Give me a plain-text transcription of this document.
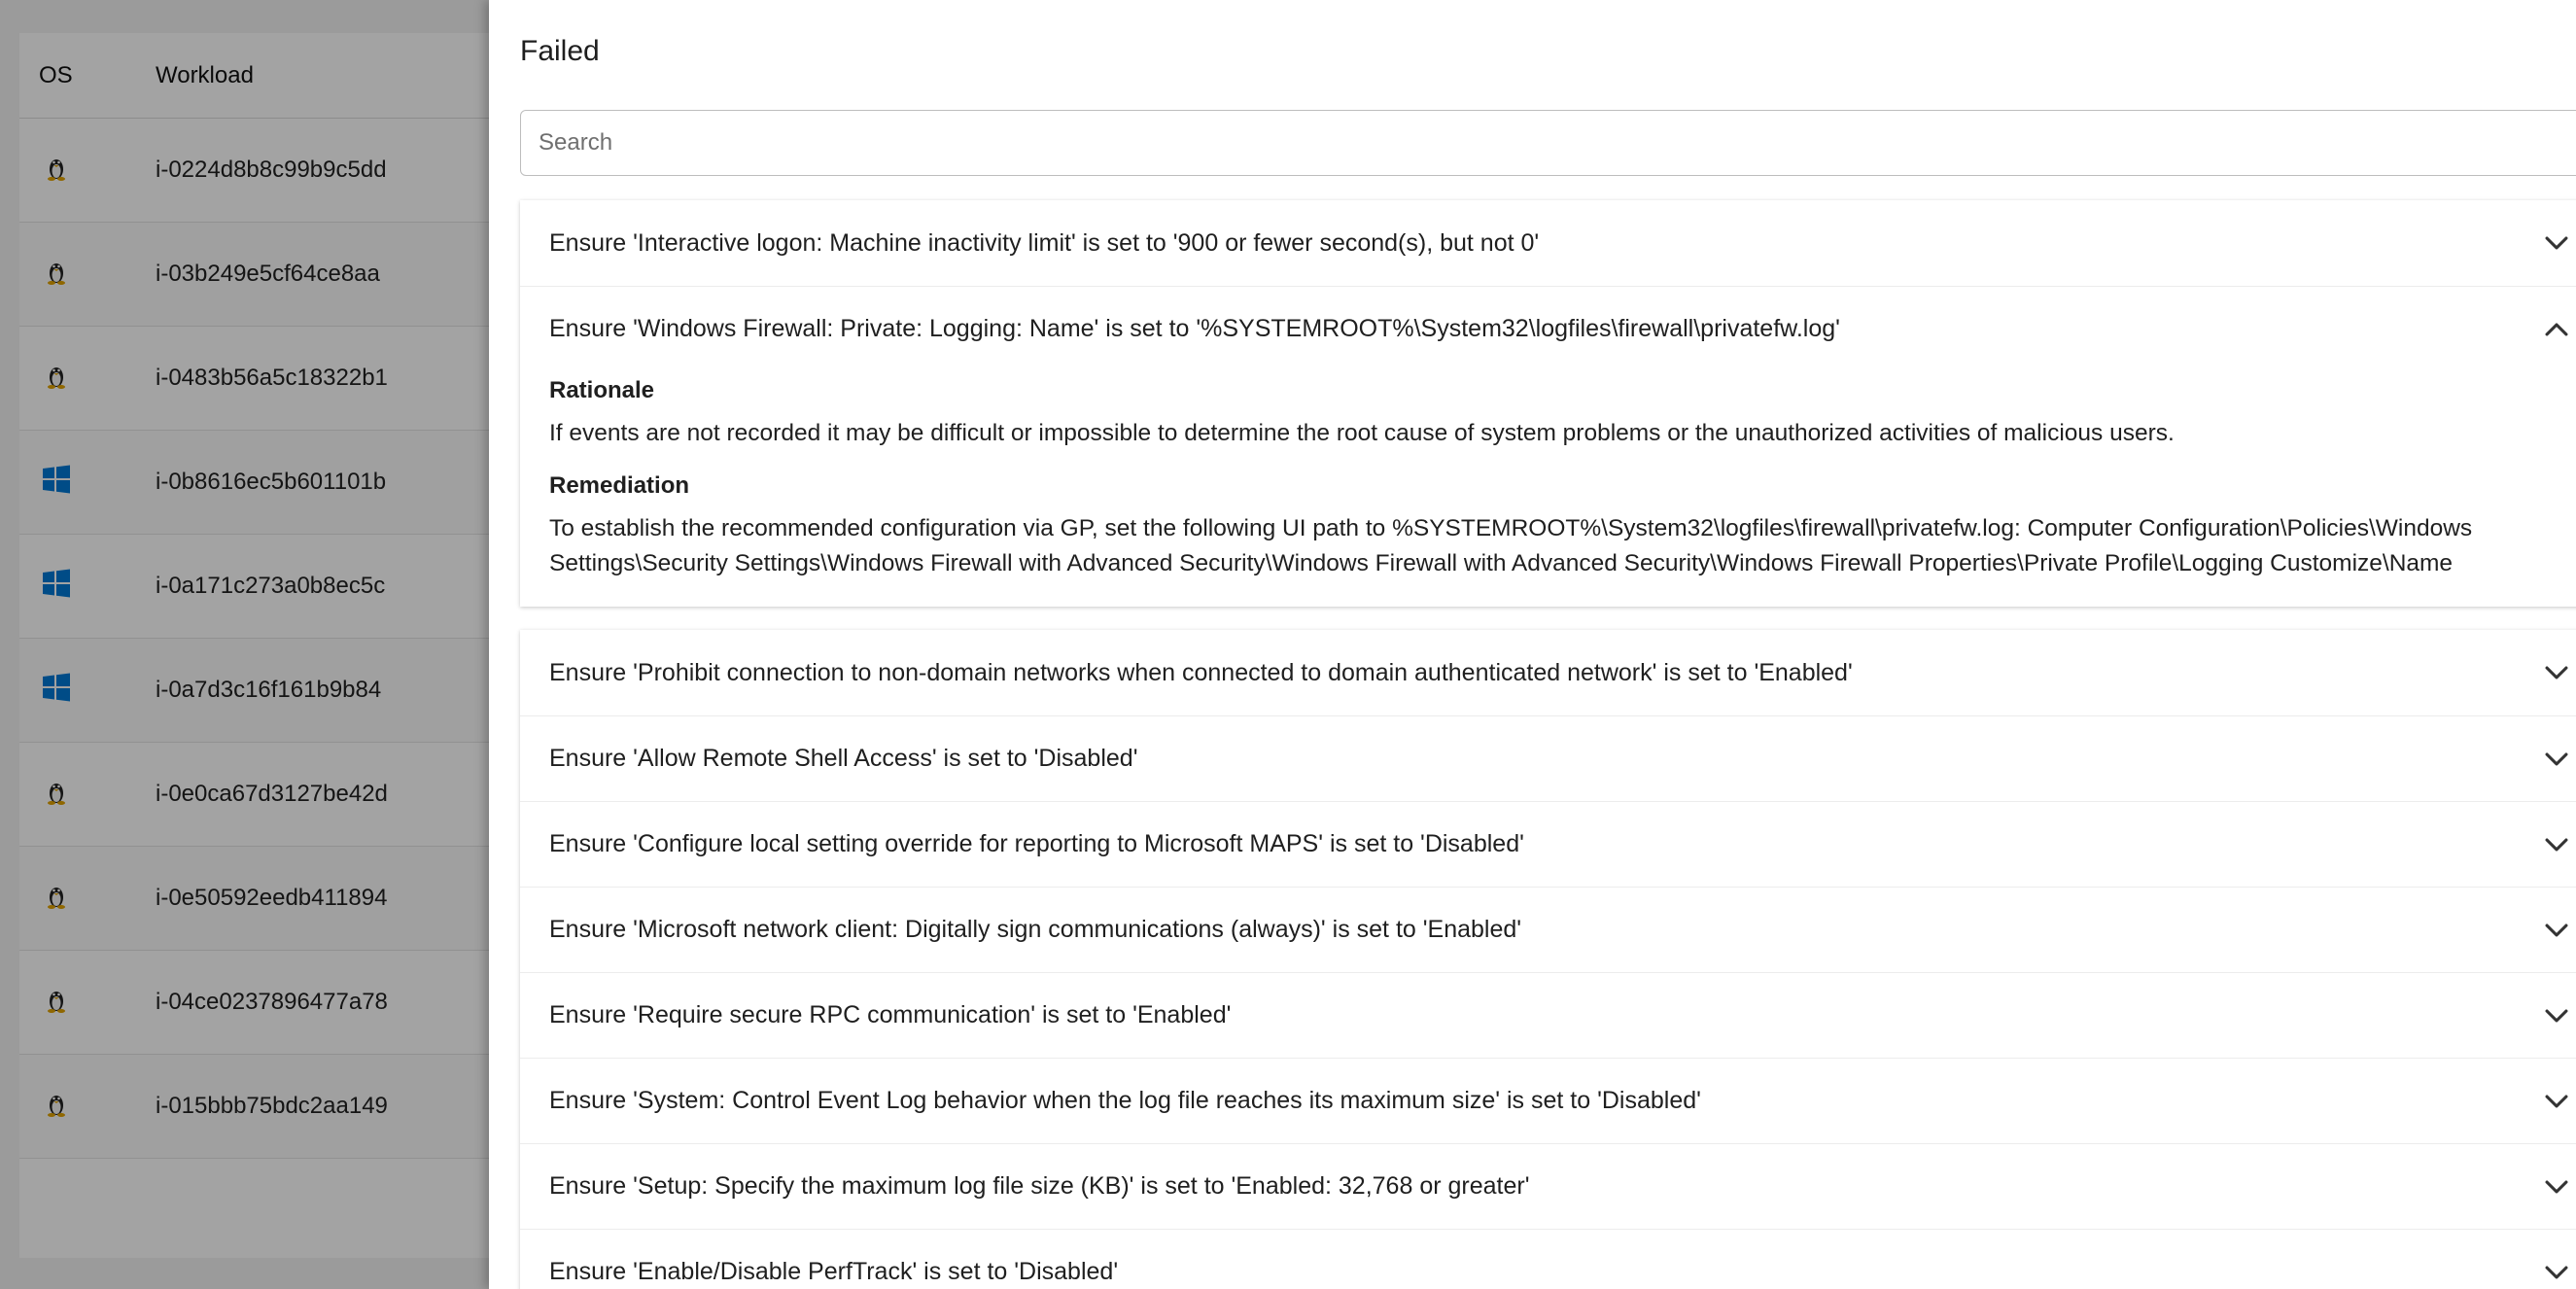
OS	Workload
i-0224d8b8c99b9c5dd
i-03b249e5cf64ce8aa
i-0483b56a5c18322b1
i-0b8616ec5b601101b
i-0a171c273a0b8ec5c
i-0a7d3c16f161b9b84
i-0e0ca67d3127be42d
i-0e50592eedb411894
i-04ce0237896477a78
i-015bbb75bdc2aa149
Failed
Search
Ensure 'Interactive logon: Machine inactivity limit' is set to '900 or fewer second(s), but not 0'
Ensure 'Windows Firewall: Private: Logging: Name' is set to '%SYSTEMROOT%\System32\logfiles\firewall\privatefw.log'
Rationale

If events are not recorded it may be difficult or impossible to determine the root cause of system problems or the unauthorized activities of malicious users.

Remediation

To establish the recommended configuration via GP, set the following UI path to %SYSTEMROOT%\System32\logfiles\firewall\privatefw.log: Computer Configuration\Policies\Windows
Settings\Security Settings\Windows Firewall with Advanced Security\Windows Firewall with Advanced Security\Windows Firewall Properties\Private Profile\Logging Customize\Name

Ensure 'Prohibit connection to non-domain networks when connected to domain authenticated network' is set to 'Enabled'
Ensure 'Allow Remote Shell Access' is set to 'Disabled'
Ensure 'Configure local setting override for reporting to Microsoft MAPS' is set to 'Disabled'
Ensure 'Microsoft network client: Digitally sign communications (always)' is set to 'Enabled'
Ensure 'Require secure RPC communication' is set to 'Enabled'
Ensure 'System: Control Event Log behavior when the log file reaches its maximum size' is set to 'Disabled'
Ensure 'Setup: Specify the maximum log file size (KB)' is set to 'Enabled: 32,768 or greater'
Ensure 'Enable/Disable PerfTrack' is set to 'Disabled'
